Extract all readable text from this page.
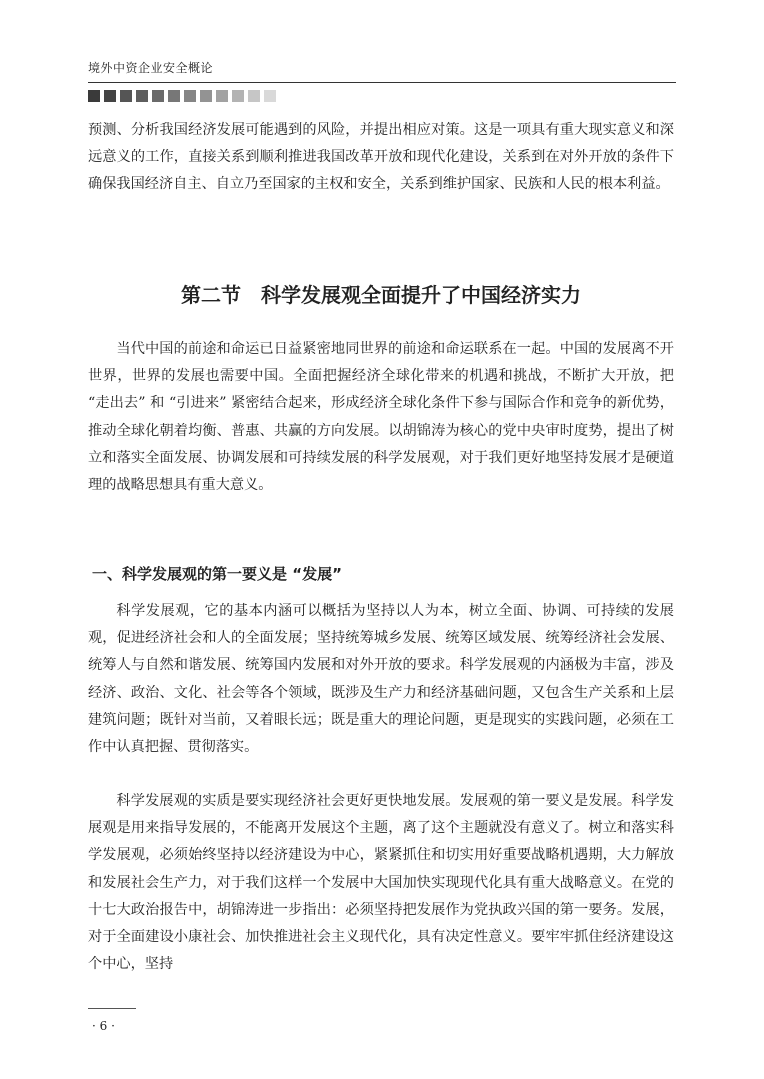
境外中资企业安全概论

预测、分析我国经济发展可能遇到的风险，并提出相应对策。这是一项具有重大现实意义和深远意义的工作，直接关系到顺利推进我国改革开放和现代化建设，关系到在对外开放的条件下确保我国经济自主、自立乃至国家的主权和安全，关系到维护国家、民族和人民的根本利益。

第二节　科学发展观全面提升了中国经济实力

当代中国的前途和命运已日益紧密地同世界的前途和命运联系在一起。中国的发展离不开世界，世界的发展也需要中国。全面把握经济全球化带来的机遇和挑战，不断扩大开放，把 “走出去” 和 “引进来” 紧密结合起来，形成经济全球化条件下参与国际合作和竞争的新优势，推动全球化朝着均衡、普惠、共赢的方向发展。以胡锦涛为核心的党中央审时度势，提出了树立和落实全面发展、协调发展和可持续发展的科学发展观，对于我们更好地坚持发展才是硬道理的战略思想具有重大意义。

一、科学发展观的第一要义是 “发展”

科学发展观，它的基本内涵可以概括为坚持以人为本，树立全面、协调、可持续的发展观，促进经济社会和人的全面发展；坚持统筹城乡发展、统筹区域发展、统筹经济社会发展、统筹人与自然和谐发展、统筹国内发展和对外开放的要求。科学发展观的内涵极为丰富，涉及经济、政治、文化、社会等各个领域，既涉及生产力和经济基础问题，又包含生产关系和上层建筑问题；既针对当前，又着眼长远；既是重大的理论问题，更是现实的实践问题，必须在工作中认真把握、贯彻落实。

科学发展观的实质是要实现经济社会更好更快地发展。发展观的第一要义是发展。科学发展观是用来指导发展的，不能离开发展这个主题，离了这个主题就没有意义了。树立和落实科学发展观，必须始终坚持以经济建设为中心，紧紧抓住和切实用好重要战略机遇期，大力解放和发展社会生产力，对于我们这样一个发展中大国加快实现现代化具有重大战略意义。在党的十七大政治报告中，胡锦涛进一步指出：必须坚持把发展作为党执政兴国的第一要务。发展，对于全面建设小康社会、加快推进社会主义现代化，具有决定性意义。要牢牢抓住经济建设这个中心，坚持

· 6 ·
